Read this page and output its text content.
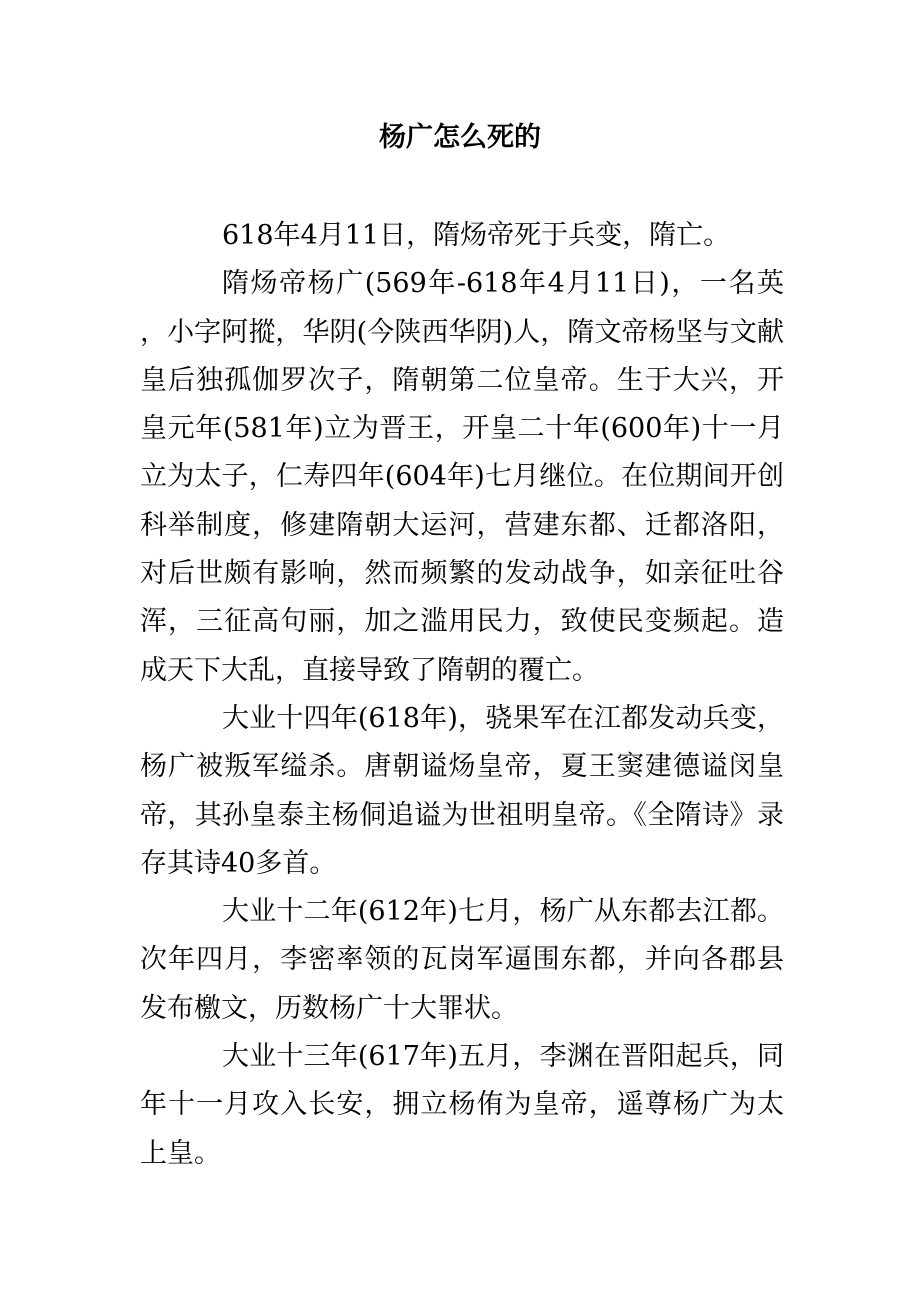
杨广怎么死的

618年4月11日，隋炀帝死于兵变，隋亡。

隋炀帝杨广(569年-618年4月11日)，一名英，小字阿摐，华阴(今陕西华阴)人，隋文帝杨坚与文献皇后独孤伽罗次子，隋朝第二位皇帝。生于大兴，开皇元年(581年)立为晋王，开皇二十年(600年)十一月立为太子，仁寿四年(604年)七月继位。在位期间开创科举制度，修建隋朝大运河，营建东都、迁都洛阳，对后世颇有影响，然而频繁的发动战争，如亲征吐谷浑，三征高句丽，加之滥用民力，致使民变频起。造成天下大乱，直接导致了隋朝的覆亡。

大业十四年(618年)，骁果军在江都发动兵变，杨广被叛军缢杀。唐朝谥炀皇帝，夏王窦建德谥闵皇帝，其孙皇泰主杨侗追谥为世祖明皇帝。《全隋诗》录存其诗40多首。

大业十二年(612年)七月，杨广从东都去江都。次年四月，李密率领的瓦岗军逼围东都，并向各郡县发布檄文，历数杨广十大罪状。

大业十三年(617年)五月，李渊在晋阳起兵，同年十一月攻入长安，拥立杨侑为皇帝，遥尊杨广为太上皇。
